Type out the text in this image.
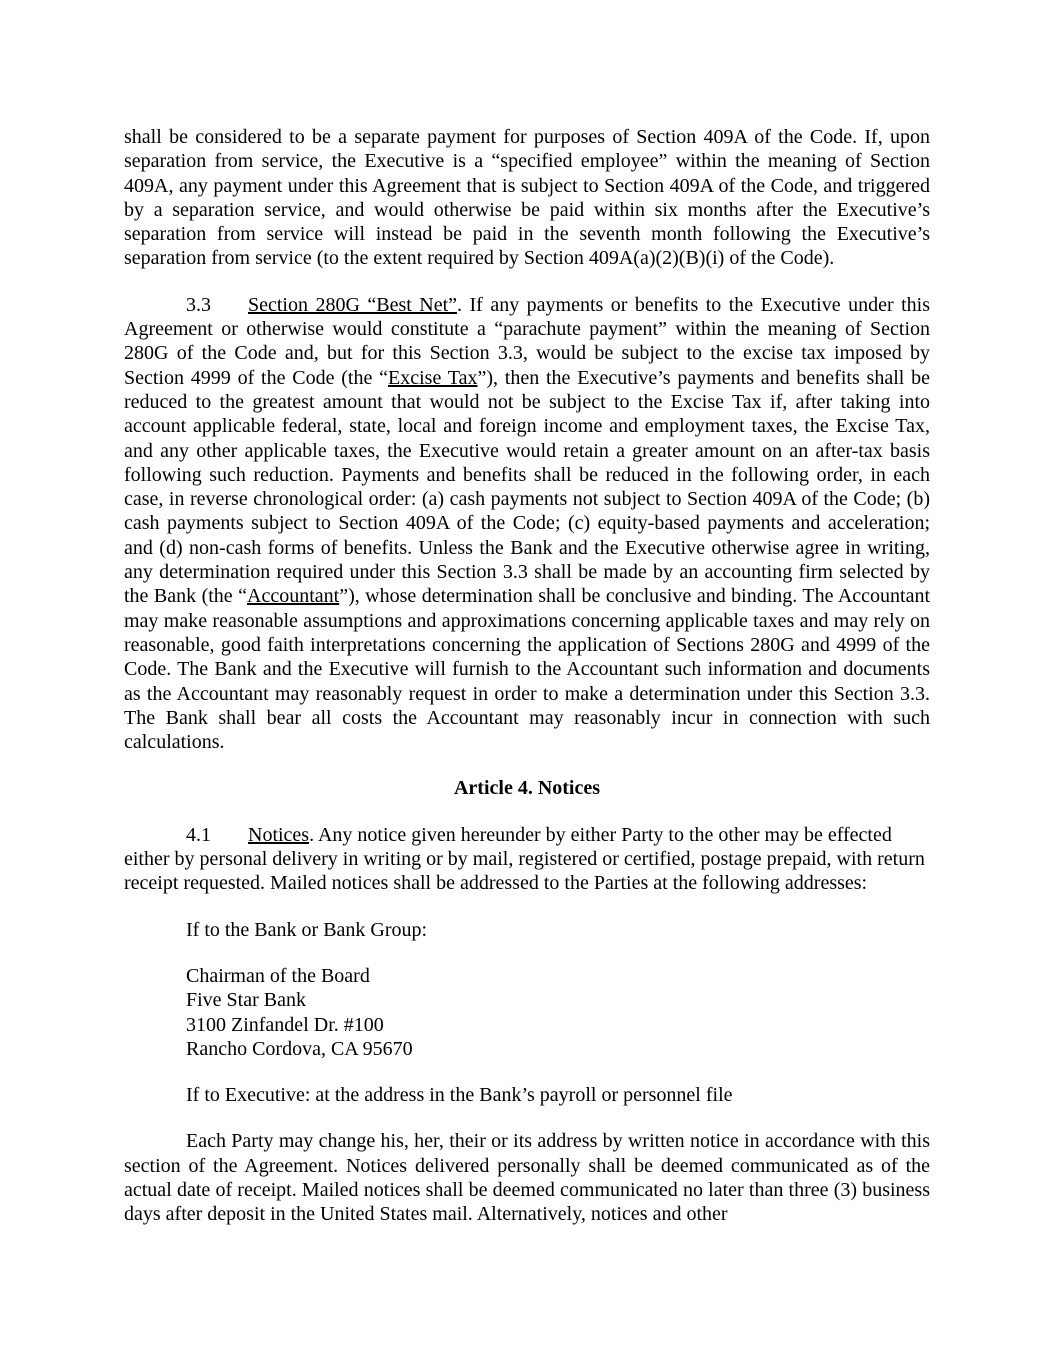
shall be considered to be a separate payment for purposes of Section 409A of the Code. If, upon separation from service, the Executive is a “specified employee” within the meaning of Section 409A, any payment under this Agreement that is subject to Section 409A of the Code, and triggered by a separation service, and would otherwise be paid within six months after the Executive’s separation from service will instead be paid in the seventh month following the Executive’s separation from service (to the extent required by Section 409A(a)(2)(B)(i) of the Code).

3.3 Section 280G “Best Net”. If any payments or benefits to the Executive under this Agreement or otherwise would constitute a “parachute payment” within the meaning of Section 280G of the Code and, but for this Section 3.3, would be subject to the excise tax imposed by Section 4999 of the Code (the “Excise Tax”), then the Executive’s payments and benefits shall be reduced to the greatest amount that would not be subject to the Excise Tax if, after taking into account applicable federal, state, local and foreign income and employment taxes, the Excise Tax, and any other applicable taxes, the Executive would retain a greater amount on an after-tax basis following such reduction. Payments and benefits shall be reduced in the following order, in each case, in reverse chronological order: (a) cash payments not subject to Section 409A of the Code; (b) cash payments subject to Section 409A of the Code; (c) equity-based payments and acceleration; and (d) non-cash forms of benefits. Unless the Bank and the Executive otherwise agree in writing, any determination required under this Section 3.3 shall be made by an accounting firm selected by the Bank (the “Accountant”), whose determination shall be conclusive and binding. The Accountant may make reasonable assumptions and approximations concerning applicable taxes and may rely on reasonable, good faith interpretations concerning the application of Sections 280G and 4999 of the Code. The Bank and the Executive will furnish to the Accountant such information and documents as the Accountant may reasonably request in order to make a determination under this Section 3.3. The Bank shall bear all costs the Accountant may reasonably incur in connection with such calculations.

Article 4. Notices

4.1 Notices. Any notice given hereunder by either Party to the other may be effected either by personal delivery in writing or by mail, registered or certified, postage prepaid, with return receipt requested. Mailed notices shall be addressed to the Parties at the following addresses:

If to the Bank or Bank Group:

Chairman of the Board

Five Star Bank

3100 Zinfandel Dr. #100

Rancho Cordova, CA 95670

If to Executive: at the address in the Bank’s payroll or personnel file

Each Party may change his, her, their or its address by written notice in accordance with this section of the Agreement. Notices delivered personally shall be deemed communicated as of the actual date of receipt. Mailed notices shall be deemed communicated no later than three (3) business days after deposit in the United States mail. Alternatively, notices and other
